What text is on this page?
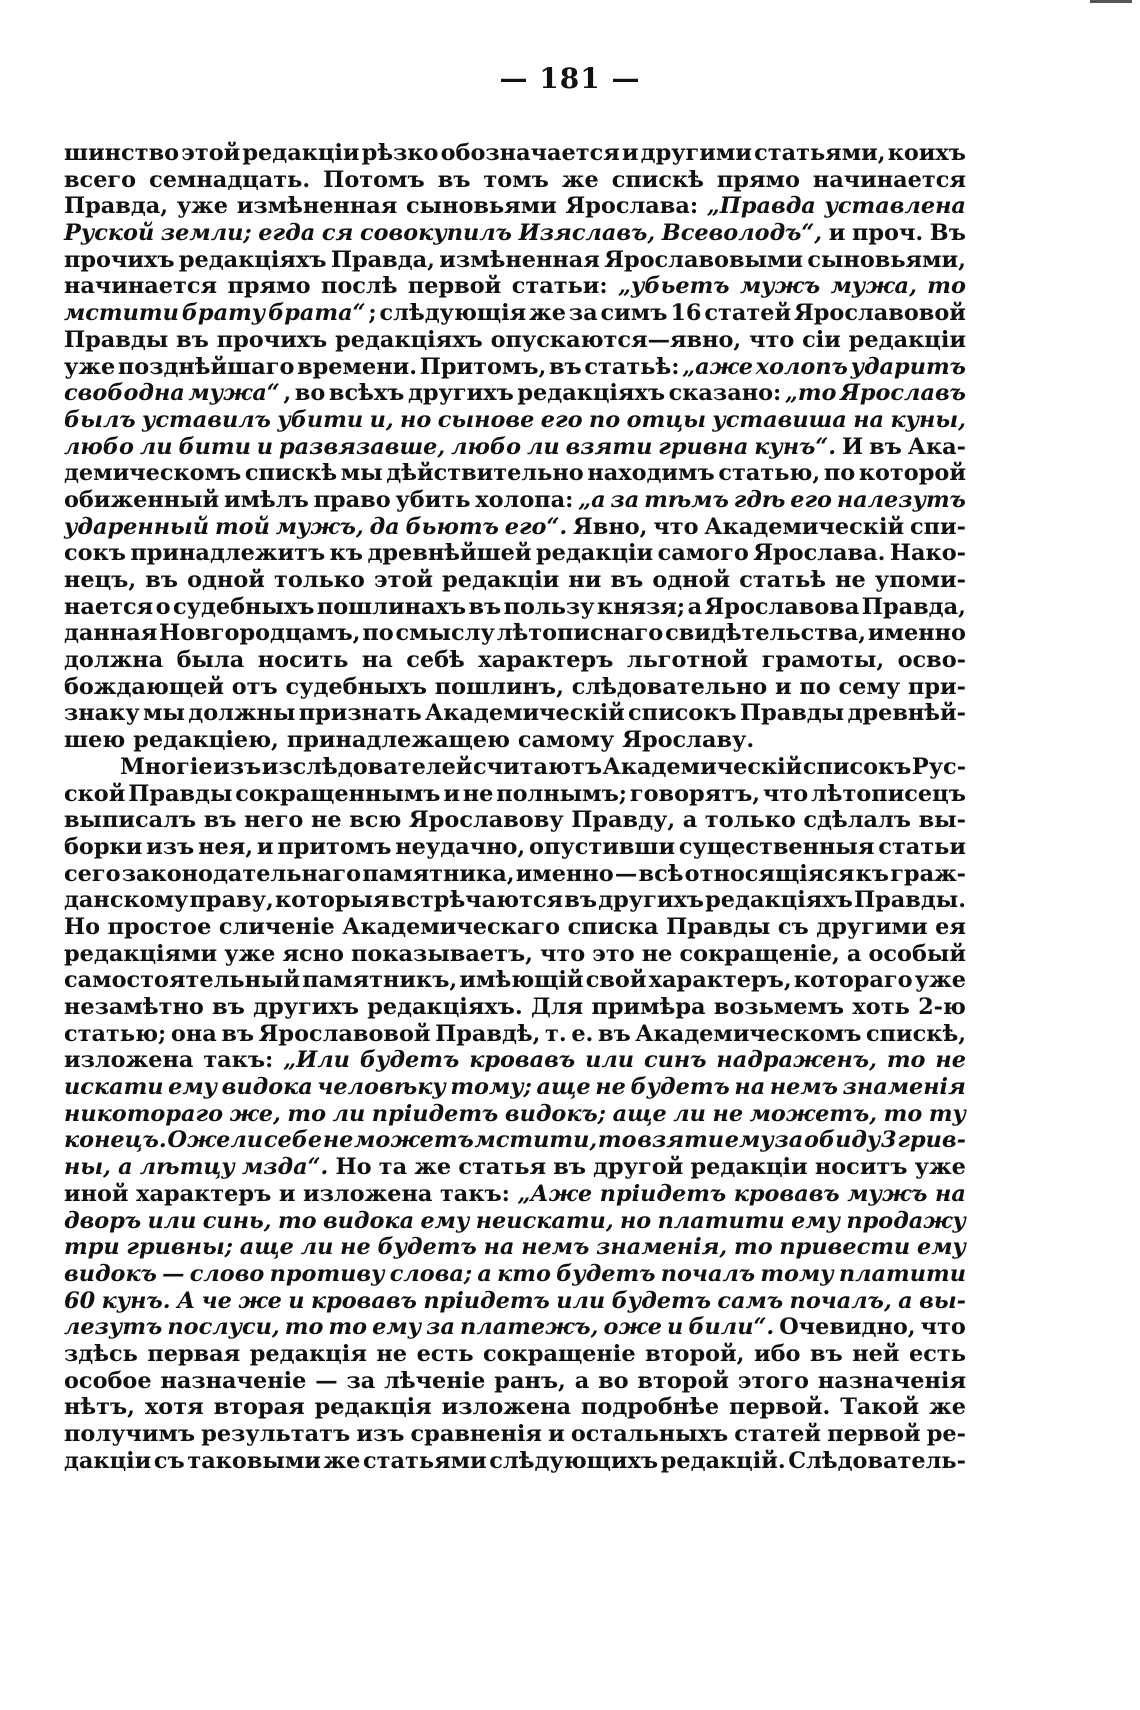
— 181 —
шинство этой редакціи рѣзко обозначается и другими статьями, коихъ
всего семнадцать. Потомъ въ томъ же спискѣ прямо начинается
Правда, уже измѣненная сыновьями Ярослава: „Правда уставлена
Руской земли; егда ся совокупилъ Изяславъ, Всеволодъ“, и проч. Въ
прочихъ редакціяхъ Правда, измѣненная Ярославовыми сыновьями,
начинается прямо послѣ первой статьи: „убьетъ мужъ мужа, то
мстити брату брата“ ; слѣдующія же за симъ 16 статей Ярославовой
Правды въ прочихъ редакціяхъ опускаются—явно, что сіи редакціи
уже позднѣйшаго времени. Притомъ, въ статьѣ: „аже холопъ ударитъ
свободна мужа“ , во всѣхъ другихъ редакціяхъ сказано: „то Ярославъ
былъ уставилъ убити и, но сынове его по отцы уставиша на куны,
любо ли бити и развязавше, любо ли взяти гривна кунъ“. И въ Ака-
демическомъ спискѣ мы дѣйствительно находимъ статью, по которой
обиженный имѣлъ право убить холопа: „а за тѣмъ гдѣ его налезутъ
ударенный той мужъ, да бьютъ его“. Явно, что Академическій спи-
сокъ принадлежитъ къ древнѣйшей редакціи самого Ярослава. Нако-
нецъ, въ одной только этой редакціи ни въ одной статьѣ не упоми-
нается о судебныхъ пошлинахъ въ пользу князя; а Ярославова Правда,
данная Новгородцамъ, по смыслу лѣтописнаго свидѣтельства, именно
должна была носить на себѣ характеръ льготной грамоты, осво-
бождающей отъ судебныхъ пошлинъ, слѣдовательно и по сему при-
знаку мы должны признать Академическій списокъ Правды древнѣй-
шею редакціею, принадлежащею самому Ярославу.
Многіе изъ изслѣдователей считаютъ Академическій списокъ Рус-
ской Правды сокращеннымъ и не полнымъ; говорятъ, что лѣтописецъ
выписалъ въ него не всю Ярославову Правду, а только сдѣлалъ вы-
борки изъ нея, и притомъ неудачно, опустивши существенныя статьи
сего законодательнаго памятника, именно — всѣ относящіяся къ граж-
данскому праву, которыя встрѣчаются въ другихъ редакціяхъ Правды.
Но простое сличеніе Академическаго списка Правды съ другими ея
редакціями уже ясно показываетъ, что это не сокращеніе, а особый
самостоятельный памятникъ, имѣющій свой характеръ, котораго уже
незамѣтно въ другихъ редакціяхъ. Для примѣра возьмемъ хоть 2-ю
статью; она въ Ярославовой Правдѣ, т. е. въ Академическомъ спискѣ,
изложена такъ: „Или будетъ кровавъ или синъ надраженъ, то не
искати ему видока человѣку тому; аще не будетъ на немъ знаменія
никотораго же, то ли пріидетъ видокъ; аще ли не можетъ, то ту
конецъ. Ожели себе не можетъ мстити, то взяти ему за обиду 3 грив-
ны, а лѣтцу мзда“. Но та же статья въ другой редакціи носитъ уже
иной характеръ и изложена такъ: „Аже пріидетъ кровавъ мужъ на
дворъ или синь, то видока ему неискати, но платити ему продажу
три гривны; аще ли не будетъ на немъ знаменія, то привести ему
видокъ — слово противу слова; а кто будетъ почалъ тому платити
60 кунъ. А че же и кровавъ пріидетъ или будетъ самъ почалъ, а вы-
лезутъ послуси, то то ему за платежъ, оже и били“. Очевидно, что
здѣсь первая редакція не есть сокращеніе второй, ибо въ ней есть
особое назначеніе — за лѣченіе ранъ, а во второй этого назначенія
нѣтъ, хотя вторая редакція изложена подробнѣе первой. Такой же
получимъ результатъ изъ сравненія и остальныхъ статей первой ре-
дакціи съ таковыми же статьями слѣдующихъ редакцій. Слѣдователь-
